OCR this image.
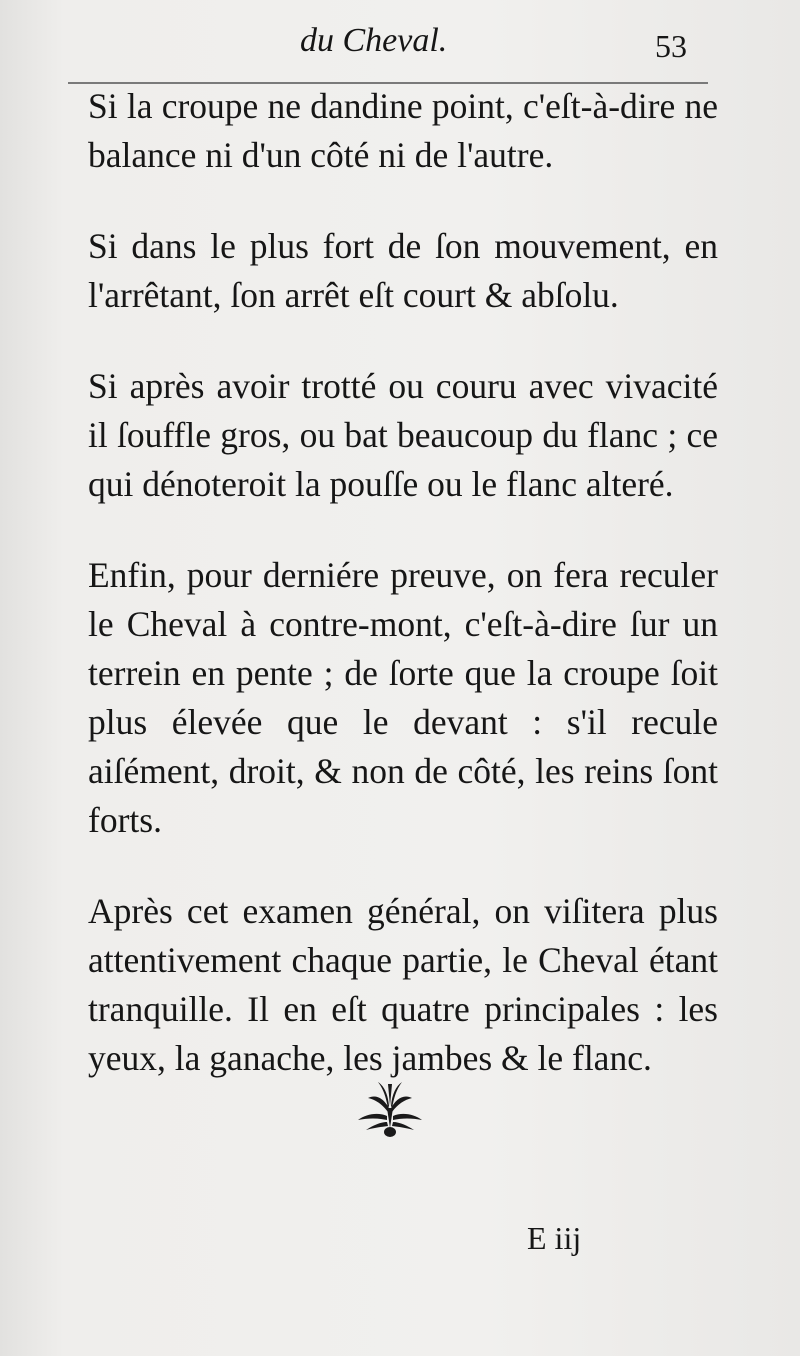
du Cheval.	53

Si la croupe ne dandine point, c'eſt-à-dire ne balance ni d'un côté ni de l'autre.

Si dans le plus fort de ſon mouvement, en l'arrêtant, ſon arrêt eſt court & abſolu.

Si après avoir trotté ou couru avec vivacité il ſouffle gros, ou bat beaucoup du flanc ; ce qui dénoteroit la pouſſe ou le flanc alteré.

Enfin, pour derniére preuve, on fera reculer le Cheval à contre-mont, c'eſt-à-dire ſur un terrein en pente ; de ſorte que la croupe ſoit plus élevée que le devant : s'il recule aiſément, droit, & non de côté, les reins ſont forts.

Après cet examen général, on viſitera plus attentivement chaque partie, le Cheval étant tranquille. Il en eſt quatre principales : les yeux, la ganache, les jambes & le flanc.

E iij
